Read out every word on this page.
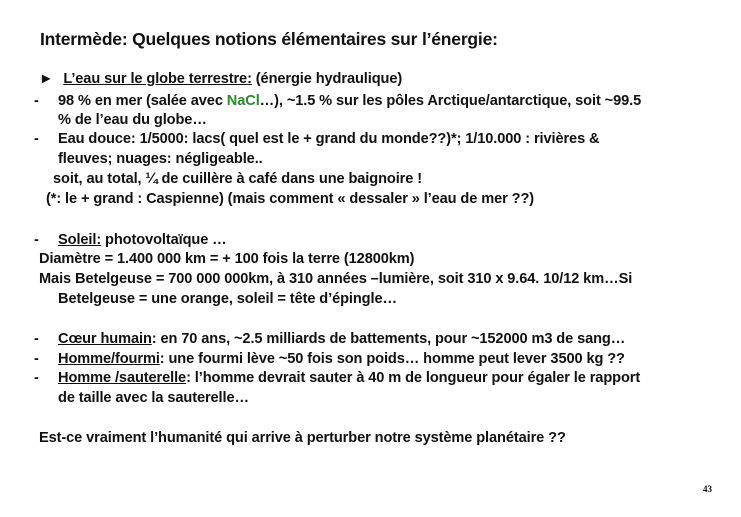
Intermède: Quelques notions élémentaires sur l’énergie:
► L’eau sur le globe terrestre: (énergie hydraulique)
- 98 % en mer (salée avec NaCl…), ~1.5 % sur les pôles Arctique/antarctique, soit ~99.5
% de l’eau du globe…
- Eau douce: 1/5000: lacs( quel est le + grand du monde??)*; 1/10.000 : rivières &
fleuves; nuages: négligeable..
soit, au total, ¼ de cuillère à café dans une baignoire !
(*: le + grand : Caspienne) (mais comment « dessaler » l’eau de mer ??)
- Soleil: photovoltaïque …
Diamètre = 1.400 000 km = + 100 fois la terre (12800km)
Mais Betelgeuse = 700 000 000km, à 310 années –lumière, soit 310 x 9.64. 10/12 km…Si
Betelgeuse = une orange, soleil = tête d’épingle…
- Cœur humain: en 70 ans, ~2.5 milliards de battements, pour ~152000 m3 de sang…
- Homme/fourmi: une fourmi lève ~50 fois son poids… homme peut lever 3500 kg ??
- Homme /sauterelle: l’homme devrait sauter à 40 m de longueur pour égaler le rapport
de taille avec la sauterelle…
Est-ce vraiment l’humanité qui arrive à perturber notre système planétaire ??
43
